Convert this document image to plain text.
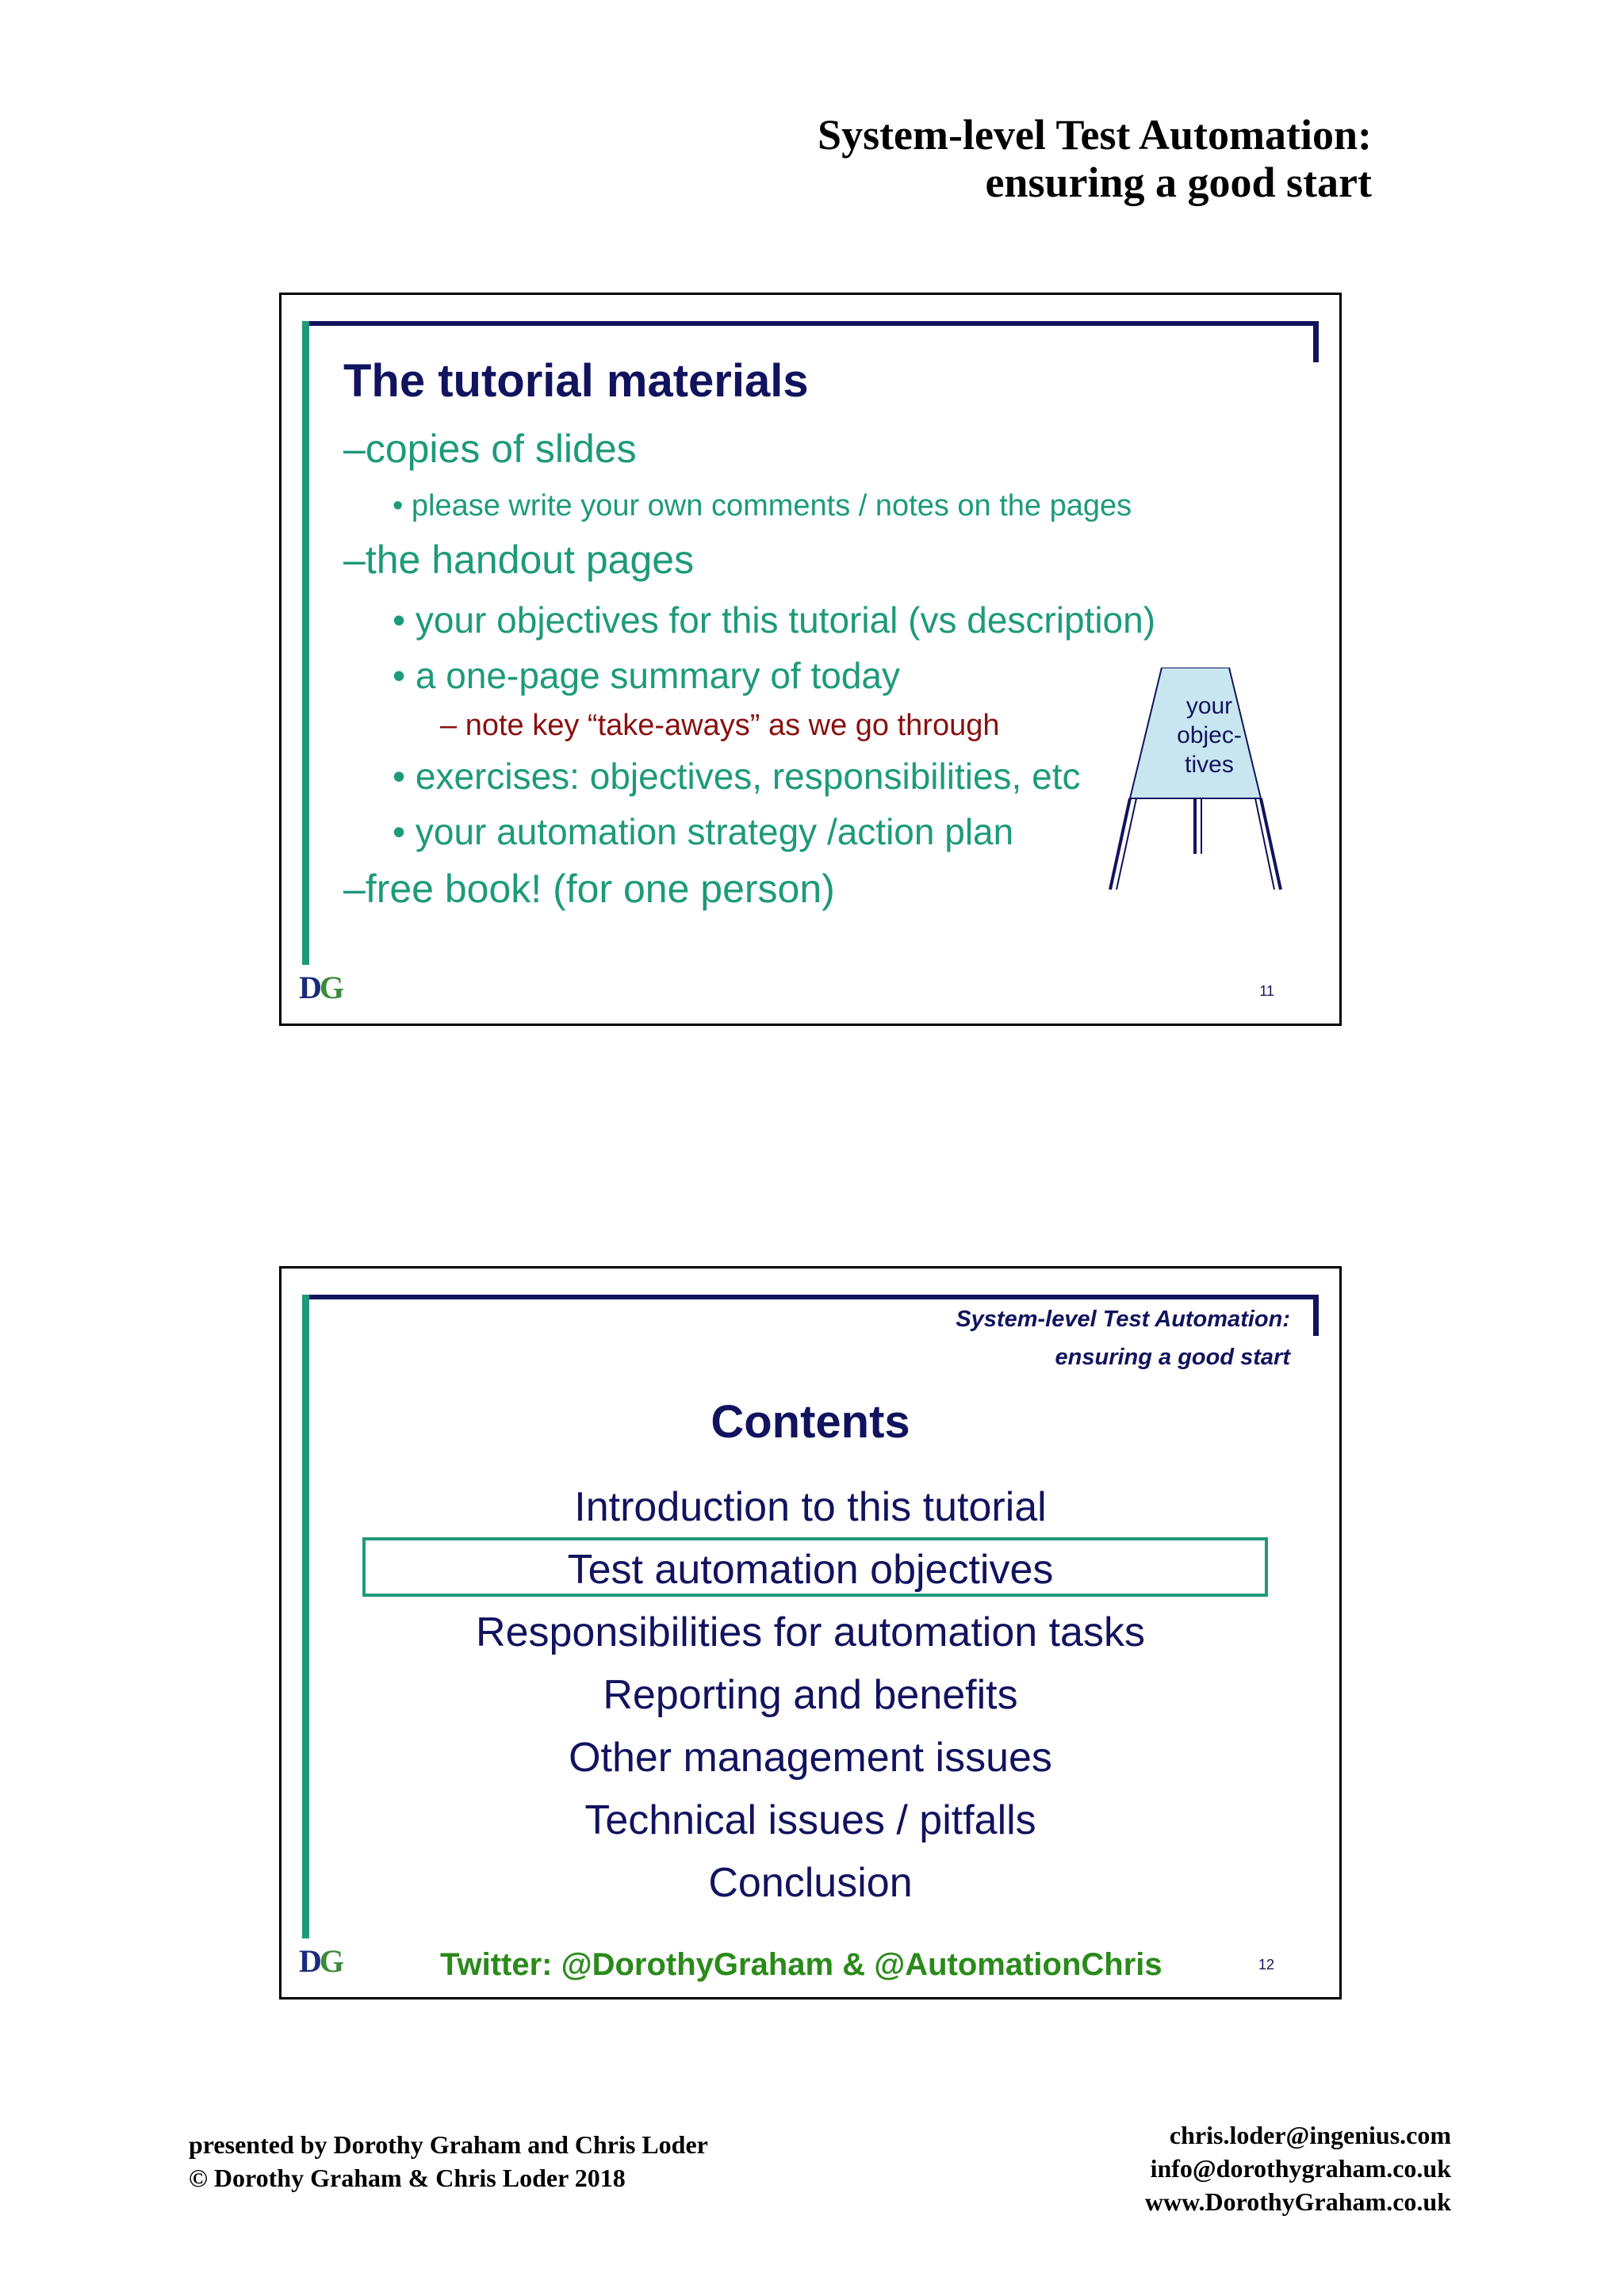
System-level Test Automation:
ensuring a good start
The tutorial materials
–copies of slides
• please write your own comments / notes on the pages
–the handout pages
• your objectives for this tutorial (vs description)
• a one-page summary of today
– note key “take-aways” as we go through
• exercises: objectives, responsibilities, etc
• your automation strategy /action plan
–free book! (for one person)
your
objec-
tives
DG	11
System-level Test Automation:
ensuring a good start
Contents
Introduction to this tutorial
Test automation objectives
Responsibilities for automation tasks
Reporting and benefits
Other management issues
Technical issues / pitfalls
Conclusion
Twitter: @DorothyGraham & @AutomationChris
DG	12
presented by Dorothy Graham and Chris Loder
© Dorothy Graham & Chris Loder 2018
chris.loder@ingenius.com
info@dorothygraham.co.uk
www.DorothyGraham.co.uk
